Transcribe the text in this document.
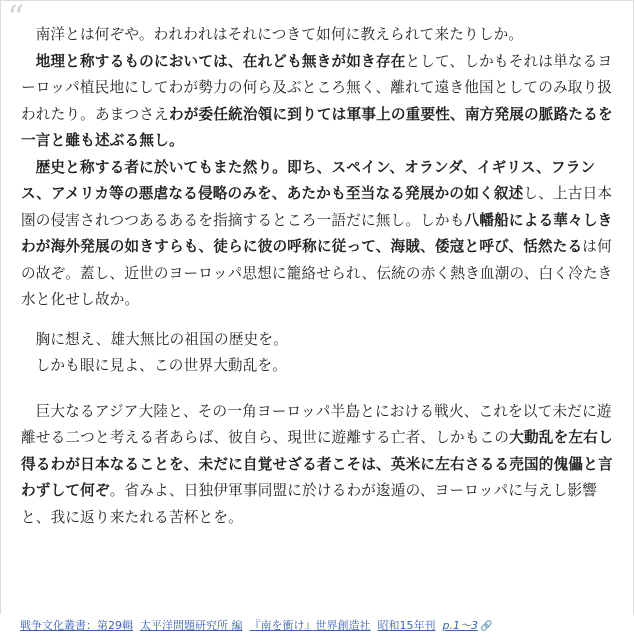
“ 南洋とは何ぞや。われわれはそれにつきて如何に教えられて来たりしか。

地理と称するものにおいては、在れども無きが如き存在として、しかもそれは単なるヨーロッパ植民地にしてわが勢力の何ら及ぶところ無く、離れて遠き他国としてのみ取り扱われたり。あまつさえわが委任統治領に到りては軍事上の重要性、南方発展の脈路たるを一言と雖も述ぶる無し。

歴史と称する者に於いてもまた然り。即ち、スペイン、オランダ、イギリス、フランス、アメリカ等の悪虐なる侵略のみを、あたかも至当なる発展かの如く叙述し、上古日本圏の侵害されつつあるあるを指摘するところ一語だに無し。しかも八幡船による華々しきわが海外発展の如きすらも、徒らに彼の呼称に従って、海賊、倭寇と呼び、恬然たるは何の故ぞ。蓋し、近世のヨーロッパ思想に籠絡せられ、伝統の赤く熱き血潮の、白く冷たき水と化せし故か。

胸に想え、雄大無比の祖国の歴史を。

しかも眼に見よ、この世界大動乱を。

巨大なるアジア大陸と、その一角ヨーロッパ半島とにおける戦火、これを以て未だに遊離せる二つと考える者あらば、彼自ら、現世に遊離する亡者、しかもこの大動乱を左右し得るわが日本なることを、未だに自覚せざる者こそは、英米に左右さるる売国的傀儡と言わずして何ぞ。省みよ、日独伊軍事同盟に於けるわが逡遁の、ヨーロッパに与えし影響と、我に返り来たれる苦杯とを。

戦争文化叢書：第29輯 太平洋問題研究所 編 『南を衝け』世界創造社 昭和15年刊 p.1〜3 🔗
